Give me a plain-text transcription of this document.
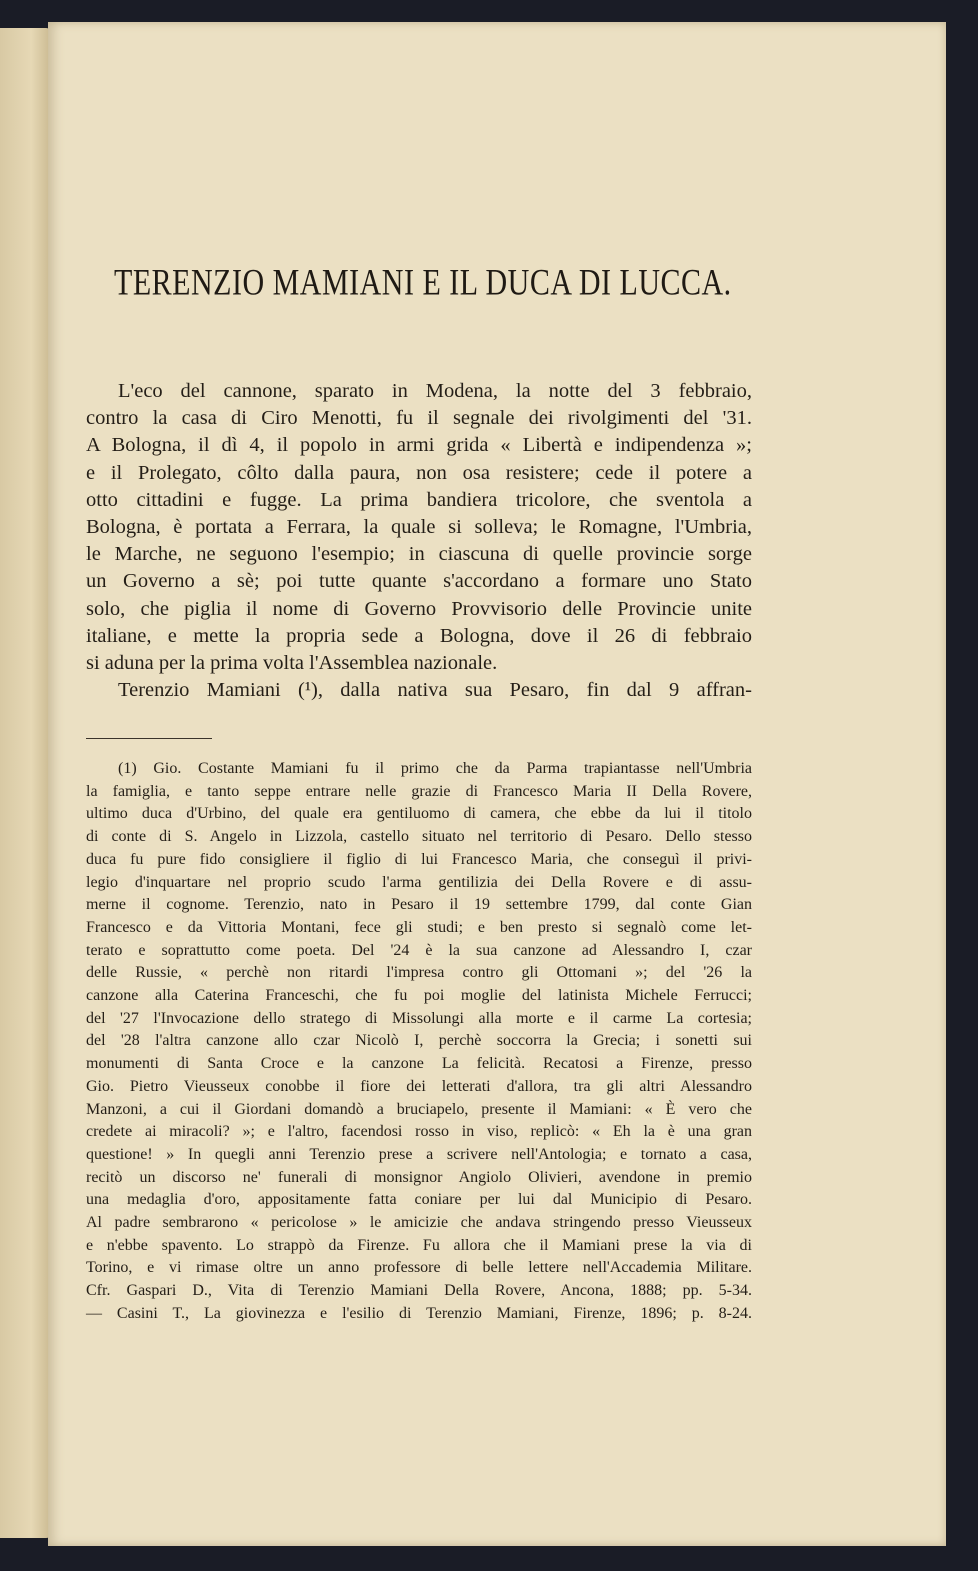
TERENZIO MAMIANI E IL DUCA DI LUCCA.
L'eco del cannone, sparato in Modena, la notte del 3 febbraio,
contro la casa di Ciro Menotti, fu il segnale dei rivolgimenti del '31.
A Bologna, il dì 4, il popolo in armi grida « Libertà e indipendenza »;
e il Prolegato, côlto dalla paura, non osa resistere; cede il potere a
otto cittadini e fugge. La prima bandiera tricolore, che sventola a
Bologna, è portata a Ferrara, la quale si solleva; le Romagne, l'Umbria,
le Marche, ne seguono l'esempio; in ciascuna di quelle provincie sorge
un Governo a sè; poi tutte quante s'accordano a formare uno Stato
solo, che piglia il nome di Governo Provvisorio delle Provincie unite
italiane, e mette la propria sede a Bologna, dove il 26 di febbraio
si aduna per la prima volta l'Assemblea nazionale.
Terenzio Mamiani (¹), dalla nativa sua Pesaro, fin dal 9 affran-
(1) Gio. Costante Mamiani fu il primo che da Parma trapiantasse nell'Umbria
la famiglia, e tanto seppe entrare nelle grazie di Francesco Maria II Della Rovere,
ultimo duca d'Urbino, del quale era gentiluomo di camera, che ebbe da lui il titolo
di conte di S. Angelo in Lizzola, castello situato nel territorio di Pesaro. Dello stesso
duca fu pure fido consigliere il figlio di lui Francesco Maria, che conseguì il privi-
legio d'inquartare nel proprio scudo l'arma gentilizia dei Della Rovere e di assu-
merne il cognome. Terenzio, nato in Pesaro il 19 settembre 1799, dal conte Gian
Francesco e da Vittoria Montani, fece gli studi; e ben presto si segnalò come let-
terato e soprattutto come poeta. Del '24 è la sua canzone ad Alessandro I, czar
delle Russie, « perchè non ritardi l'impresa contro gli Ottomani »; del '26 la
canzone alla Caterina Franceschi, che fu poi moglie del latinista Michele Ferrucci;
del '27 l'Invocazione dello stratego di Missolungi alla morte e il carme La cortesia;
del '28 l'altra canzone allo czar Nicolò I, perchè soccorra la Grecia; i sonetti sui
monumenti di Santa Croce e la canzone La felicità. Recatosi a Firenze, presso
Gio. Pietro Vieusseux conobbe il fiore dei letterati d'allora, tra gli altri Alessandro
Manzoni, a cui il Giordani domandò a bruciapelo, presente il Mamiani: « È vero che
credete ai miracoli? »; e l'altro, facendosi rosso in viso, replicò: « Eh la è una gran
questione! » In quegli anni Terenzio prese a scrivere nell'Antologia; e tornato a casa,
recitò un discorso ne' funerali di monsignor Angiolo Olivieri, avendone in premio
una medaglia d'oro, appositamente fatta coniare per lui dal Municipio di Pesaro.
Al padre sembrarono « pericolose » le amicizie che andava stringendo presso Vieusseux
e n'ebbe spavento. Lo strappò da Firenze. Fu allora che il Mamiani prese la via di
Torino, e vi rimase oltre un anno professore di belle lettere nell'Accademia Militare.
Cfr. Gaspari D., Vita di Terenzio Mamiani Della Rovere, Ancona, 1888; pp. 5-34.
— Casini T., La giovinezza e l'esilio di Terenzio Mamiani, Firenze, 1896; p. 8-24.
